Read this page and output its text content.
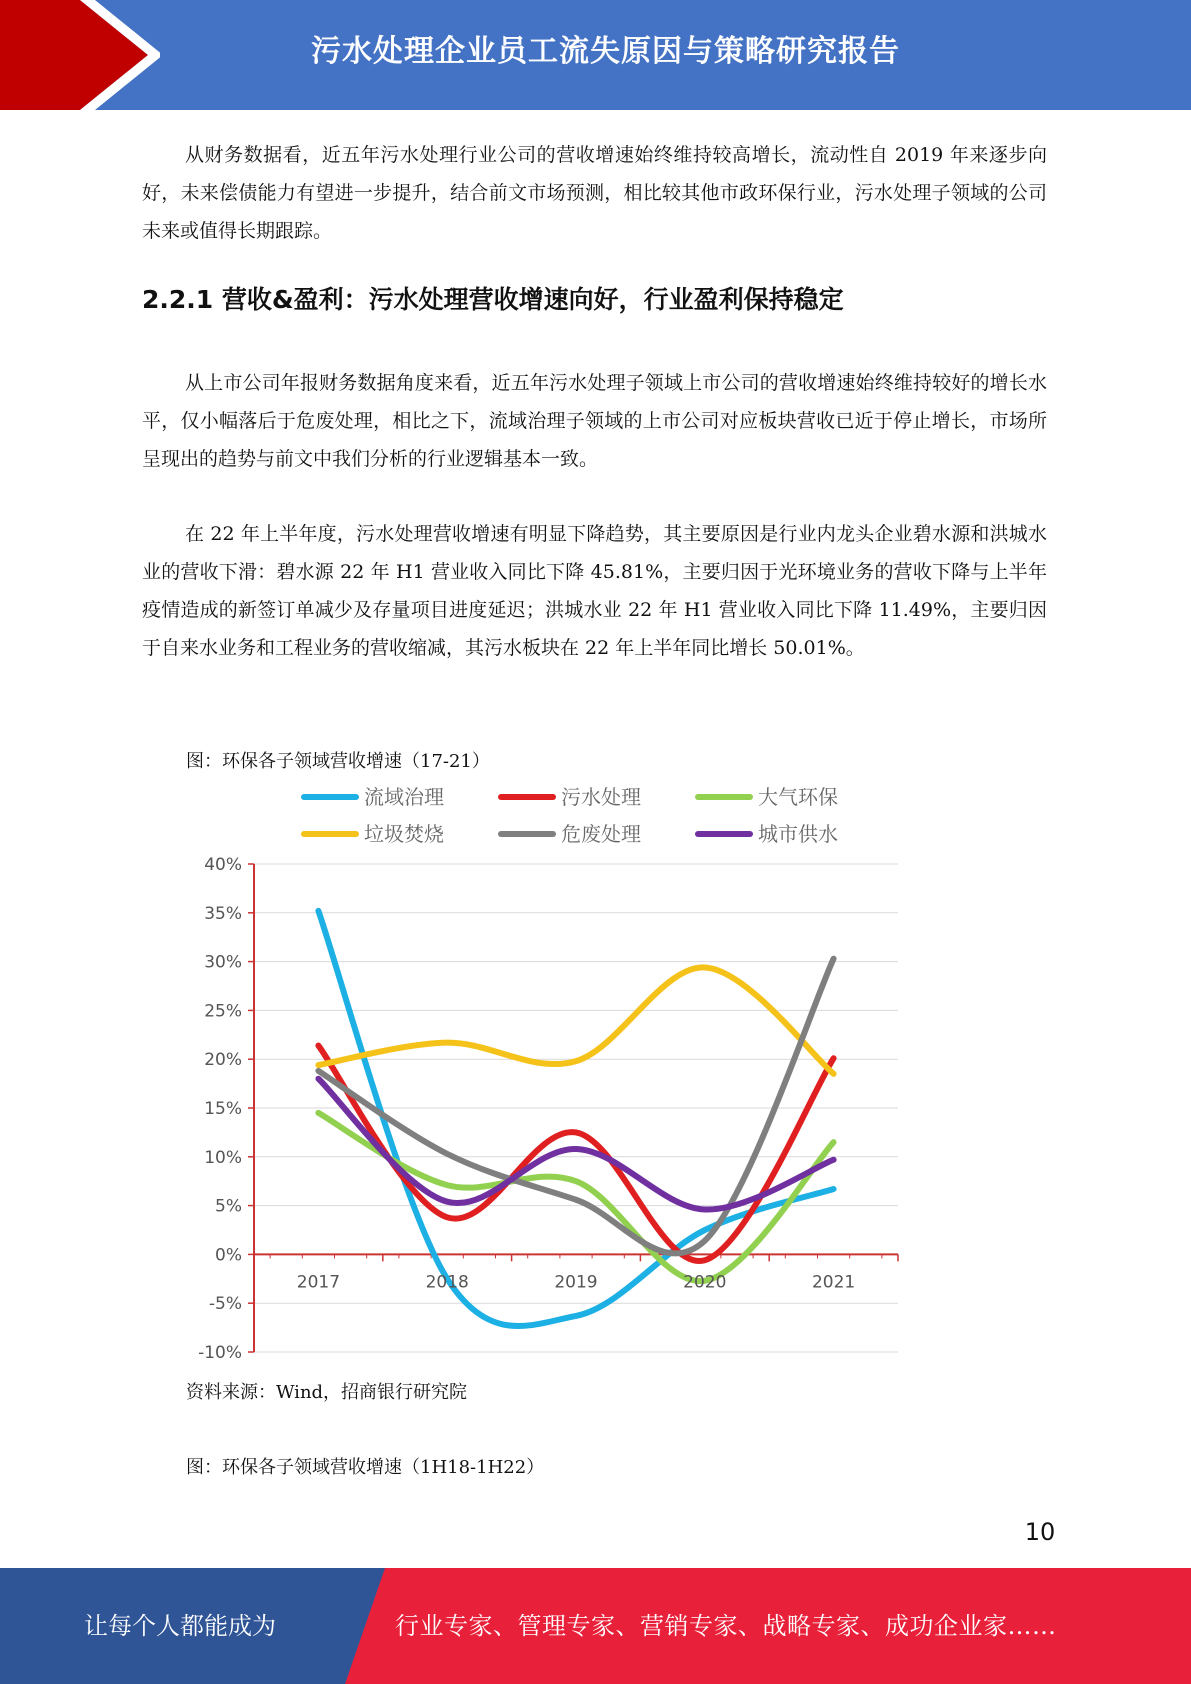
污水处理企业员工流失原因与策略研究报告

从财务数据看，近五年污水处理行业公司的营收增速始终维持较高增长，流动性自 2019 年来逐步向好，未来偿债能力有望进一步提升，结合前文市场预测，相比较其他市政环保行业，污水处理子领域的公司未来或值得长期跟踪。

2.2.1 营收&盈利：污水处理营收增速向好，行业盈利保持稳定

从上市公司年报财务数据角度来看，近五年污水处理子领域上市公司的营收增速始终维持较好的增长水平，仅小幅落后于危废处理，相比之下，流域治理子领域的上市公司对应板块营收已近于停止增长，市场所呈现出的趋势与前文中我们分析的行业逻辑基本一致。

在 22 年上半年度，污水处理营收增速有明显下降趋势，其主要原因是行业内龙头企业碧水源和洪城水业的营收下滑：碧水源 22 年 H1 营业收入同比下降 45.81%，主要归因于光环境业务的营收下降与上半年疫情造成的新签订单减少及存量项目进度延迟；洪城水业 22 年 H1 营业收入同比下降 11.49%，主要归因于自来水业务和工程业务的营收缩减，其污水板块在 22 年上半年同比增长 50.01%。

图：环保各子领域营收增速（17-21）

40%
35%
30%
25%
20%
15%
10%
5%
0%
-5%
-10%
2017	2018	2019	2020	2021
流域治理	污水处理	大气环保
垃圾焚烧	危废处理	城市供水

资料来源：Wind，招商银行研究院

图：环保各子领域营收增速（1H18-1H22）

10
让每个人都能成为	行业专家、管理专家、营销专家、战略专家、成功企业家……
